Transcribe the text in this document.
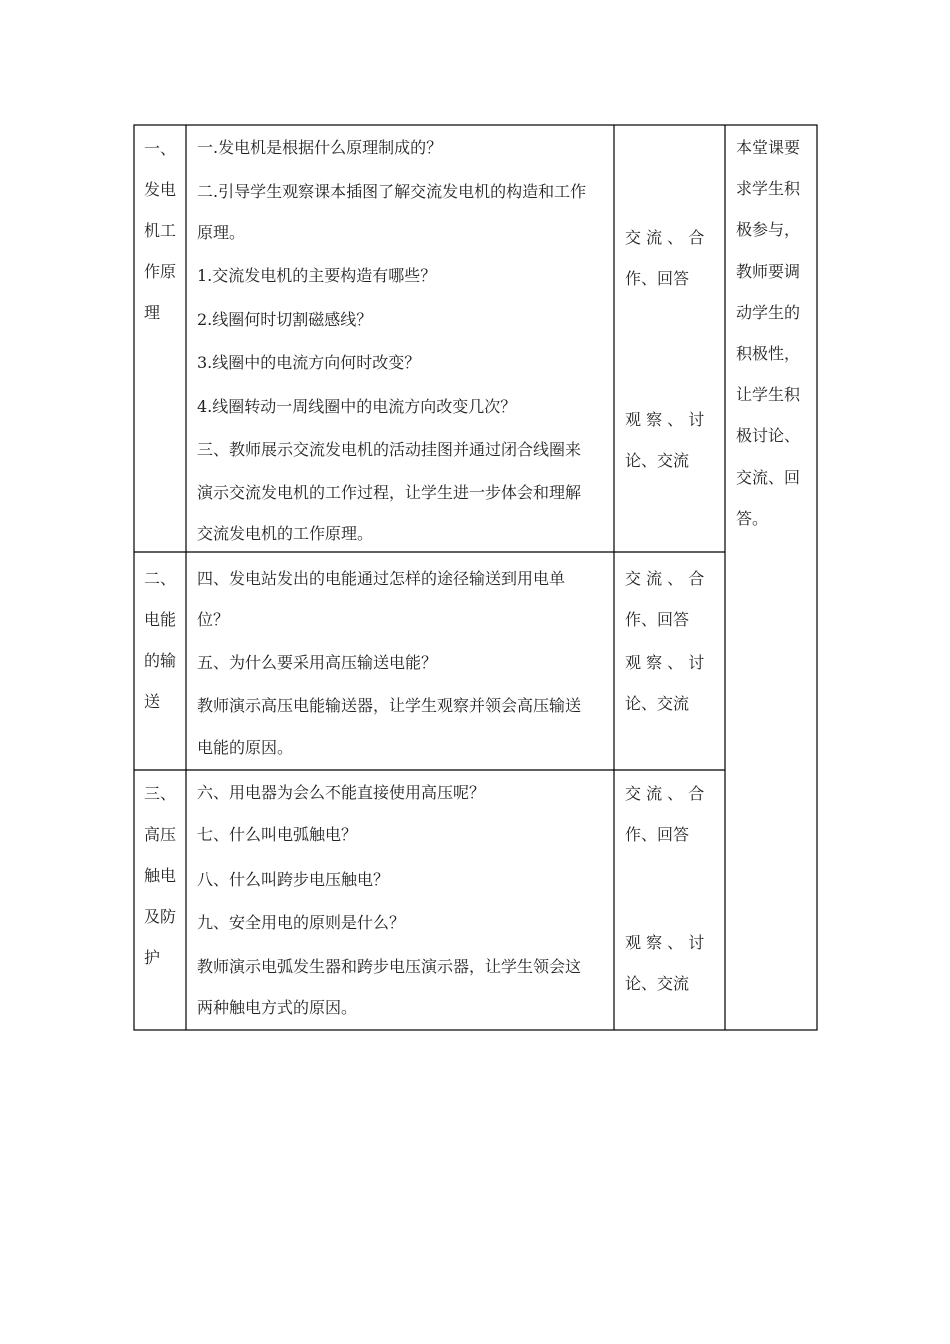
一、
发电
机工
作原
理
一.发电机是根据什么原理制成的？
二.引导学生观察课本插图了解交流发电机的构造和工作
原理。
1.交流发电机的主要构造有哪些？
2.线圈何时切割磁感线？
3.线圈中的电流方向何时改变？
4.线圈转动一周线圈中的电流方向改变几次？
三、教师展示交流发电机的活动挂图并通过闭合线圈来
演示交流发电机的工作过程，让学生进一步体会和理解
交流发电机的工作原理。
交 流 、 合
作、回答
观 察 、 讨
论、交流
二、
电能
的输
送
四、发电站发出的电能通过怎样的途径输送到用电单
位？
五、为什么要采用高压输送电能？
教师演示高压电能输送器，让学生观察并领会高压输送
电能的原因。
交 流 、 合
作、回答
观 察 、 讨
论、交流
三、
高压
触电
及防
护
六、用电器为会么不能直接使用高压呢？
七、什么叫电弧触电？
八、什么叫跨步电压触电？
九、安全用电的原则是什么？
教师演示电弧发生器和跨步电压演示器，让学生领会这
两种触电方式的原因。
交 流 、 合
作、回答
观 察 、 讨
论、交流
本堂课要
求学生积
极参与，
教师要调
动学生的
积极性，
让学生积
极讨论、
交流、回
答。
